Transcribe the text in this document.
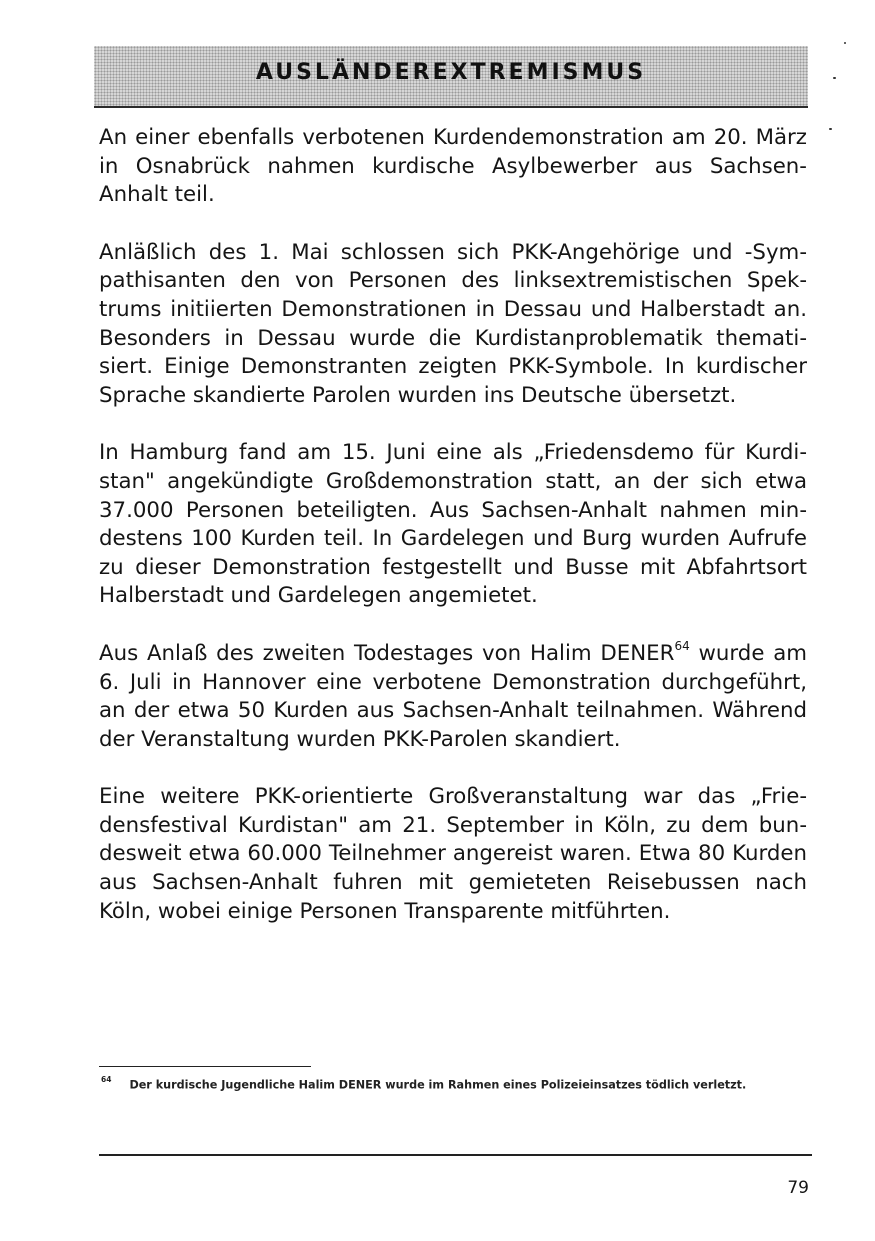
AUSLÄNDEREXTREMISMUS

An einer ebenfalls verbotenen Kurdendemonstration am 20. März in Osnabrück nahmen kurdische Asylbewerber aus Sachsen-Anhalt teil.

Anläßlich des 1. Mai schlossen sich PKK-Angehörige und -Sympathisanten den von Personen des linksextremistischen Spektrums initiierten Demonstrationen in Dessau und Halberstadt an. Besonders in Dessau wurde die Kurdistanproblematik thematisiert. Einige Demonstranten zeigten PKK-Symbole. In kurdischer Sprache skandierte Parolen wurden ins Deutsche übersetzt.

In Hamburg fand am 15. Juni eine als „Friedensdemo für Kurdistan" angekündigte Großdemonstration statt, an der sich etwa 37.000 Personen beteiligten. Aus Sachsen-Anhalt nahmen mindestens 100 Kurden teil. In Gardelegen und Burg wurden Aufrufe zu dieser Demonstration festgestellt und Busse mit Abfahrtsort Halberstadt und Gardelegen angemietet.

Aus Anlaß des zweiten Todestages von Halim DENER$^{64}$ wurde am 6. Juli in Hannover eine verbotene Demonstration durchgeführt, an der etwa 50 Kurden aus Sachsen-Anhalt teilnahmen. Während der Veranstaltung wurden PKK-Parolen skandiert.

Eine weitere PKK-orientierte Großveranstaltung war das „Friedensfestival Kurdistan" am 21. September in Köln, zu dem bundesweit etwa 60.000 Teilnehmer angereist waren. Etwa 80 Kurden aus Sachsen-Anhalt fuhren mit gemieteten Reisebussen nach Köln, wobei einige Personen Transparente mitführten.

$^{64}$ Der kurdische Jugendliche Halim DENER wurde im Rahmen eines Polizeieinsatzes tödlich verletzt.
79
